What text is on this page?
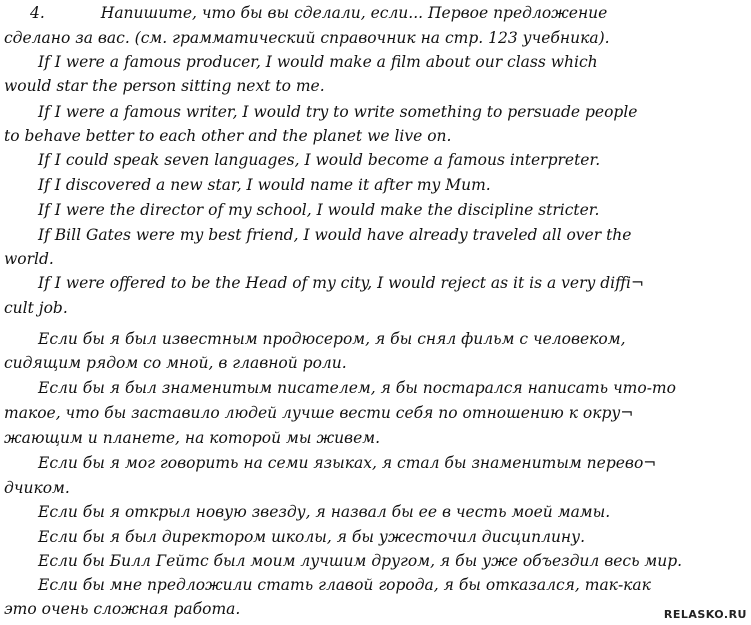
4.	Напишите, что бы вы сделали, если... Первое предложение
сделано за вас. (см. грамматический справочник на стр. 123 учебника).
If I were a famous producer, I would make a film about our class which
would star the person sitting next to me.
If I were a famous writer, I would try to write something to persuade people
to behave better to each other and the planet we live on.
If I could speak seven languages, I would become a famous interpreter.
If I discovered a new star, I would name it after my Mum.
If I were the director of my school, I would make the discipline stricter.
If Bill Gates were my best friend, I would have already traveled all over the
world.
If I were offered to be the Head of my city, I would reject as it is a very diffi¬
cult job.
Если бы я был известным продюсером, я бы снял фильм с человеком,
сидящим рядом со мной, в главной роли.
Если бы я был знаменитым писателем, я бы постарался написать что-то
такое, что бы заставило людей лучше вести себя по отношению к окру¬
жающим и планете, на которой мы живем.
Если бы я мог говорить на семи языках, я стал бы знаменитым перево¬
дчиком.
Если бы я открыл новую звезду, я назвал бы ее в честь моей мамы.
Если бы я был директором школы, я бы ужесточил дисциплину.
Если бы Билл Гейтс был моим лучшим другом, я бы уже объездил весь мир.
Если бы мне предложили стать главой города, я бы отказался, так-как
это очень сложная работа.	RELASKO.RU
